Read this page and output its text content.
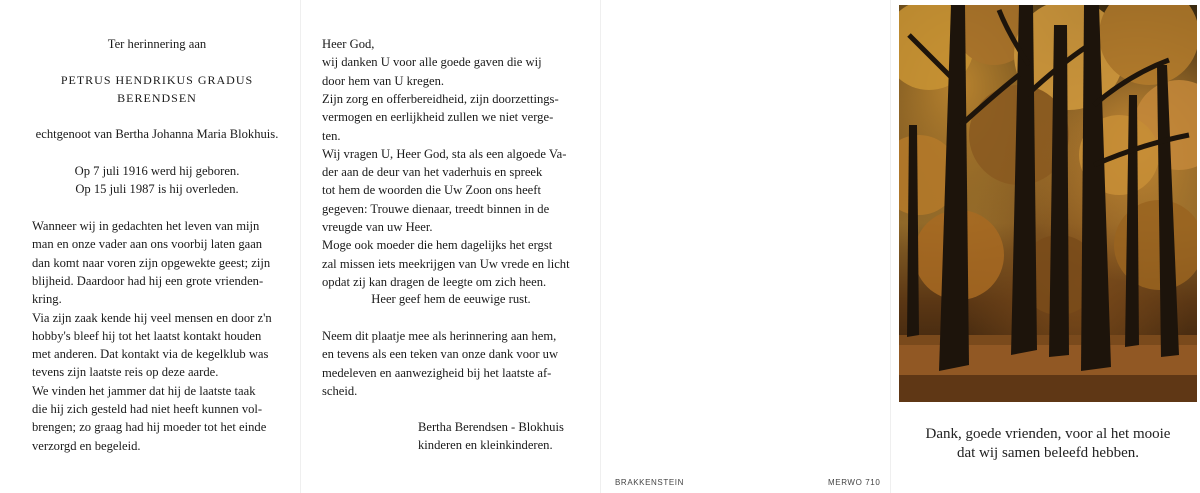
Ter herinnering aan
PETRUS HENDRIKUS GRADUS
BERENDSEN
echtgenoot van Bertha Johanna Maria Blokhuis.
Op 7 juli 1916 werd hij geboren.
Op 15 juli 1987 is hij overleden.
Wanneer wij in gedachten het leven van mijn
man en onze vader aan ons voorbij laten gaan
dan komt naar voren zijn opgewekte geest; zijn
blijheid. Daardoor had hij een grote vrienden-
kring.
Via zijn zaak kende hij veel mensen en door z'n
hobby's bleef hij tot het laatst kontakt houden
met anderen. Dat kontakt via de kegelklub was
tevens zijn laatste reis op deze aarde.
We vinden het jammer dat hij de laatste taak
die hij zich gesteld had niet heeft kunnen vol-
brengen; zo graag had hij moeder tot het einde
verzorgd en begeleid.
Heer God,
wij danken U voor alle goede gaven die wij
door hem van U kregen.
Zijn zorg en offerbereidheid, zijn doorzettings-
vermogen en eerlijkheid zullen we niet verge-
ten.
Wij vragen U, Heer God, sta als een algoede Va-
der aan de deur van het vaderhuis en spreek
tot hem de woorden die Uw Zoon ons heeft
gegeven: Trouwe dienaar, treedt binnen in de
vreugde van uw Heer.
Moge ook moeder die hem dagelijks het ergst
zal missen iets meekrijgen van Uw vrede en licht
opdat zij kan dragen de leegte om zich heen.
Heer geef hem de eeuwige rust.
Neem dit plaatje mee als herinnering aan hem,
en tevens als een teken van onze dank voor uw
medeleven en aanwezigheid bij het laatste af-
scheid.
Bertha Berendsen - Blokhuis
kinderen en kleinkinderen.
BRAKKENSTEIN	MERWO 710
Dank, goede vrienden, voor al het mooie
dat wij samen beleefd hebben.
